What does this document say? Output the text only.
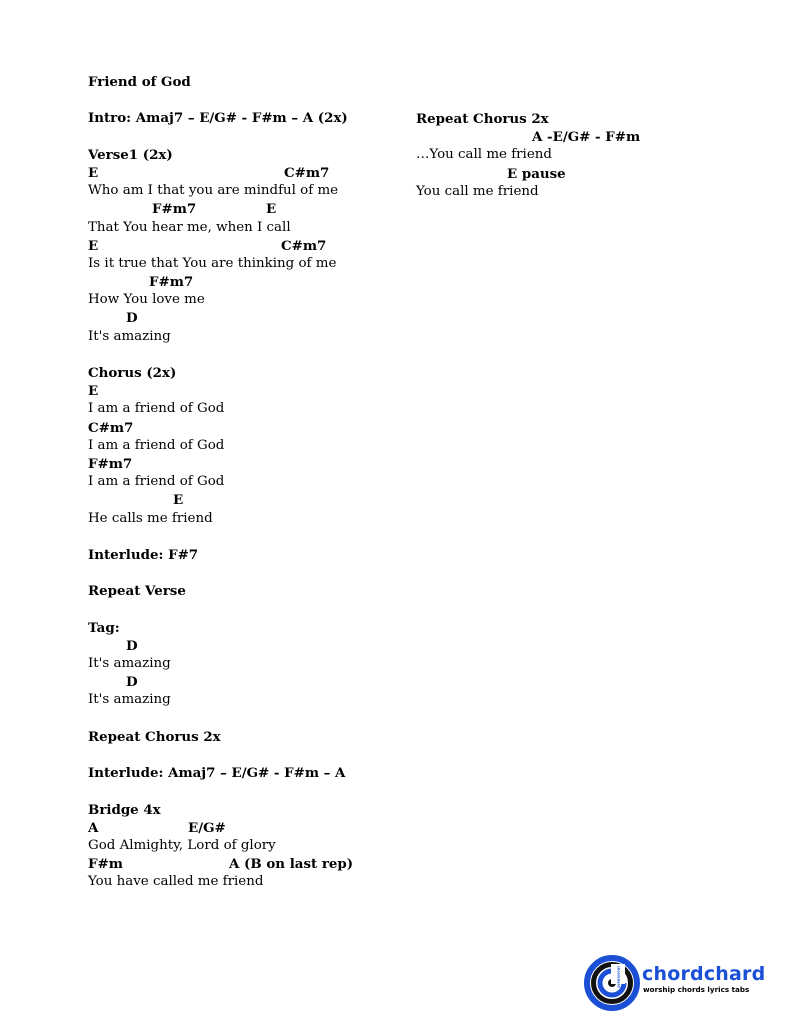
Friend of God
Intro: Amaj7 – E/G# - F#m – A (2x)
Verse1 (2x)
E	C#m7
Who am I that you are mindful of me
F#m7	E
That You hear me, when I call
E	C#m7
Is it true that You are thinking of me
F#m7
How You love me
D
It's amazing
Chorus (2x)
E
I am a friend of God
C#m7
I am a friend of God
F#m7
I am a friend of God
E
He calls me friend
Interlude: F#7
Repeat Verse
Tag:
D
It's amazing
D
It's amazing
Repeat Chorus 2x
Interlude: Amaj7 – E/G# - F#m – A
Bridge 4x
A	E/G#
God Almighty, Lord of glory
F#m	A (B on last rep)
You have called me friend
Repeat Chorus 2x
A -E/G# - F#m
…You call me friend
E pause
You call me friend
chordchard chordchard
worship chords lyrics tabs
